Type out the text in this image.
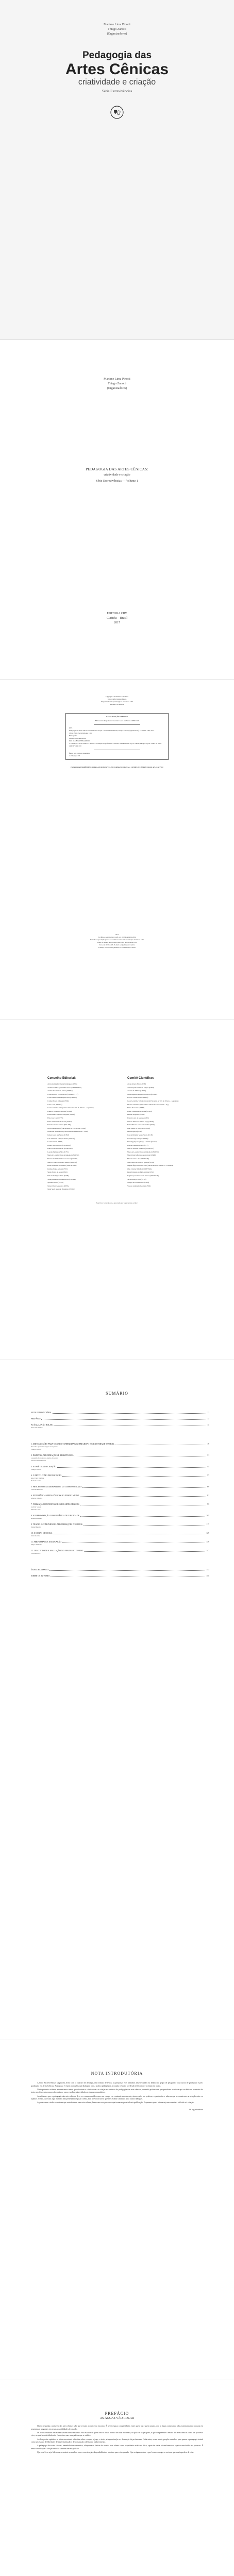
Mariane Lima Pinotti
Thiago Zanotti
(Organizadores)
Pedagogia das
Artes Cênicas
criatividade e criação
Série Escrevivências
Mariane Lima Pinotti
Thiago Zanotti
(Organizadores)
PEDAGOGIA DAS ARTES CÊNICAS:
criatividade e criação
Série Escrevivências — Volume 1
EDITORA CRV
Curitiba – Brasil
2017
Copyright © da Editora CRV Ltda.
Editor-chefe: Railson Moura
Diagramação e Capa: Designers da Editora CRV
Revisão: Os Autores
CATALOGAÇÃO NA FONTE
Bibliotecária Responsável: Luzenira Alves dos Santos CRB9/1506
P371
Pedagogia das artes cênicas: criatividade e criação / Mariane Lima Pinotti, Thiago Zanotti (organizadores) – Curitiba: CRV, 2017.
156 p. (Série Escrevivências, v. 1)
Bibliografia
ISBN 978-85-444-0000-0
DOI 10.24824/978854440000.0
1. Educação 2. Artes cênicas 3. Teatro 4. Formação de professores I. Pinotti, Mariane Lima. org. II. Zanotti, Thiago. org. III. Título IV. Série.
CDU 37 CDD 370
Índice para catálogo sistemático
1. Educação 370
ESTA OBRA TAMBÉM ENCONTRA-SE DISPONÍVEL EM FORMATO DIGITAL. CONHEÇA E BAIXE NOSSO APLICATIVO!
2017
Foi feito o depósito legal conf. Lei 10.994 de 14/12/2004
Proibida a reprodução parcial ou total desta obra sem autorização da Editora CRV
Todos os direitos desta edição reservados pela: Editora CRV
Tel.: (41) 3039-6418 - E-mail: sac@editoracrv.com.br
Conheça os nossos lançamentos: www.editoracrv.com.br
Conselho Editorial:
Aldira Guimarães Duarte Domínguez (UNB)
Andréia da Silva Quintanilha Sousa (UNIR/UFRN)
Antônio Pereira Gaio Júnior (UFRRJ)
Carlos Alberto Vilar Estêvão (UMINHO – PT)
Carlos Federico Dominguez Avila (Unieuro)
Carmen Tereza Velanga (UNIR)
Celso Conti (UFSCar)
Cesar Gerónimo Tello (Univer. Nacional Três de Febrero – Argentina)
Eduardo Fernandes Barbosa (UFMG)
Elione Maria Nogueira Diogenes (UFAL)
Élsio José Corá (UFFS)
Elizeu Clementino de Souza (UNEB)
Francisco Carlos Duarte (PUC-PR)
Gloria Fariñas León (Universidade de La Havana – Cuba)
Guillermo Arias Beatón (Universidade de La Havana – Cuba)
Jailson Alves dos Santos (UFRJ)
João Adalberto Campato Junior (UNESP)
Josania Portela (UFPI)
Leonel Severo Rocha (UNISINOS)
Lídia de Oliveira Xavier (UNIEURO)
Lourdes Helena da Silva (UFV)
Maria de Lourdes Pinto de Almeida (UNOESC)
Maria Lília Imbiriba Sousa Colares (UFOPA)
Maria Cristina dos Santos Bezerra (UFSCar)
Paulo Romualdo Hernandes (UNIFAL-MG)
Rodrigo Pratte-Santos (UFES)
Sérgio Nunes de Jesus (IFRO)
Simone Rodrigues Pinto (UNB)
Solange Helena Ximenes-Rocha (UFOPA)
Sydione Santos (UEPG)
Tadeu Oliver Gonçalves (UFPA)
Tania Suely Azevedo Brasileiro (UFOPA)
Comitê Científico:
Altair Alberto Fávero (UPF)
Ana Chrystina Venancio Mignot (UERJ)
Andréia N. Militão (UEMS)
Anna Augusta Sampaio de Oliveira (UNESP)
Barbara Coelho Neves (UFBA)
Cesar Gerónimo Tello (Universidad Nacional de Três de Febrero – Argentina)
Diosnel Centurion (Universidad Americana de Asunción – Py)
Eliane Rose Maio (UEM)
Elizeu Clementino de Souza (UNEB)
Fauston Negreiros (UFPI)
Francisco Ari de Andrade (UFC)
Gláucia Maria dos Santos Jorge (UFOP)
Helder Buenos Aires de Carvalho (UFPI)
Ilma Passos A. Veiga (UNICEUB)
Inês Bragança (UERJ)
José de Ribamar Sousa Pereira (UCB)
Jussara Fraga Portugal (UNEB)
Kilwangy Kya Kapitango-a-Samba (Unemat)
Lourdes Helena da Silva (UFV)
Marcos Vinicius Francisco (UNOESTE)
Maria de Lourdes Pinto de Almeida (UNOESC)
Maria Eurácia Barreto de Andrade (UFRB)
Maria Lurdes Lima (UNOESTE)
Marta Maria de Oliveira Queiroz (UFPI)
Miguel Ángel Gonzalez Solis (Universidad del Atlántico – Colombia)
Olga Cristina Belinho (UNIFESSPA)
Paulo Fernando de Melo Martins (UFG)
Regina Aparecida Correia Tranco (UNIOESTE)
Sávio Rodrigo Silva (UFPA)
Thiago Silva de Oliveira (UFPA)
Valeska Guimarães Pereira (UNIR)
Este livro foi avaliado e aprovado por pareceristas ad hoc.
SUMÁRIO
NOTA INTRODUTÓRIA	11
PREFÁCIO	13
AS ÁGUAS VÃO ROLAR	13
Fernando Aleixo
1. ARTICULAÇÕES PARA O ENSINO-APRENDIZAGEM EM GRUPO E CRIATIVIDADE TEATRAL	19
Pasceli Augusta Rodrigues Gonçalves
Thiago Zanotti
2. DISPUTAS, APROPRIAÇÕES E RESISTÊNCIAS:	31
a questão do corpo no ensino do teatro
Mariane Lima Pinotti
3. A ESTÉTICA DA CRIAÇÃO	45
Thiago Zanotti
4. O TEXTO COMO PROVOCAÇÃO	57
Ana Clara Martins
Rafaela Costa
5. PROCESSOS COLABORATIVOS: DO CORPO AO TEXTO	69
Luciana Ferreira
6. EXPERIÊNCIAS PEDAGÓGICAS NO ENSINO MÉDIO	81
Marcos Oliveira
7. FORMAÇÃO DE PROFESSORES DE ARTES CÊNICAS	93
Gabriel Souza
Patrícia Lima
8. A IMPROVISAÇÃO COMO PRÁTICA DE LIBERDADE	105
Renata Almeida
9. TEATRO E COMUNIDADE: APROXIMAÇÕES POSSÍVEIS	117
Daniel Pereira
10. O CORPO QUE JOGA	129
Julia Martins
11. PERFORMANCE E EDUCAÇÃO	139
Felipe Andrade
12. CRIATIVIDADE E AVALIAÇÃO NO ENSINO DO TEATRO	147
Carla Ribeiro
ÍNDICE REMISSIVO	153
SOBRE OS AUTORES	155
NOTA INTRODUTÓRIA

A Série Escrevivências surgiu em 2015, com o objetivo de divulgar, em formato de livros, as pesquisas e os trabalhos desenvolvidos no âmbito do grupo de pesquisa e dos cursos de graduação e pós-graduação em Artes Cênicas. A proposta é reunir produções que dialogam com a prática pedagógica, a criação cênica e a reflexão teórica sobre o ensino do teatro.

Neste primeiro volume, apresentamos textos que discutem a criatividade e a criação no contexto da pedagogia das artes cênicas, reunindo professores, pesquisadores e artistas que se dedicam ao ensino do teatro em diferentes espaços formativos, como escolas, universidades e grupos comunitários.

Acreditamos que a pedagogia das artes cênicas deve ser compreendida como um campo em constante movimento, atravessado por práticas, experiências e saberes que se constroem na relação entre os sujeitos. Assim, os textos aqui reunidos não pretendem esgotar o tema, mas provocar novas questões e abrir caminhos para outros diálogos.

Agradecemos a todos os autores que contribuíram com este volume, bem como aos parceiros que tornaram possível esta publicação. Esperamos que a leitura seja um convite à reflexão e à criação.

Os organizadores
PREFÁCIO
AS ÁGUAS VÃO ROLAR

Quem frequenta o universo das artes cênicas sabe que o teatro acontece no encontro. É nesse espaço compartilhado, entre quem faz e quem assiste, que as águas começam a rolar, transformando certezas em perguntas e perguntas em novas possibilidades de criação.

Os textos reunidos nesta obra nascem desse encontro. São escritos de quem vive o teatro na sala de aula, no ensaio, no palco e na pesquisa, e que compreende o ensino das artes cênicas como um processo vivo, no qual a criatividade não é um dom, mas uma prática que se cultiva.

Ao longo dos capítulos, o leitor encontrará reflexões sobre o corpo, o jogo, o texto, a improvisação e a formação de professores. Cada autor, a seu modo, propõe caminhos para pensar a pedagogia teatral como um espaço de liberdade, de experimentação e de construção coletiva do conhecimento.

A pedagogia das artes cênicas, entendida dessa maneira, ultrapassa os limites da técnica e se afirma como experiência estética e ética, capaz de afetar e transformar os sujeitos envolvidos no processo. É nesse sentido que a criação se torna também um ato político.

Que este livro seja lido como se assiste a uma boa cena: com atenção, disponibilidade e abertura para o inesperado. Que as águas rolem, e que levem consigo as certezas que nos impedem de criar.
